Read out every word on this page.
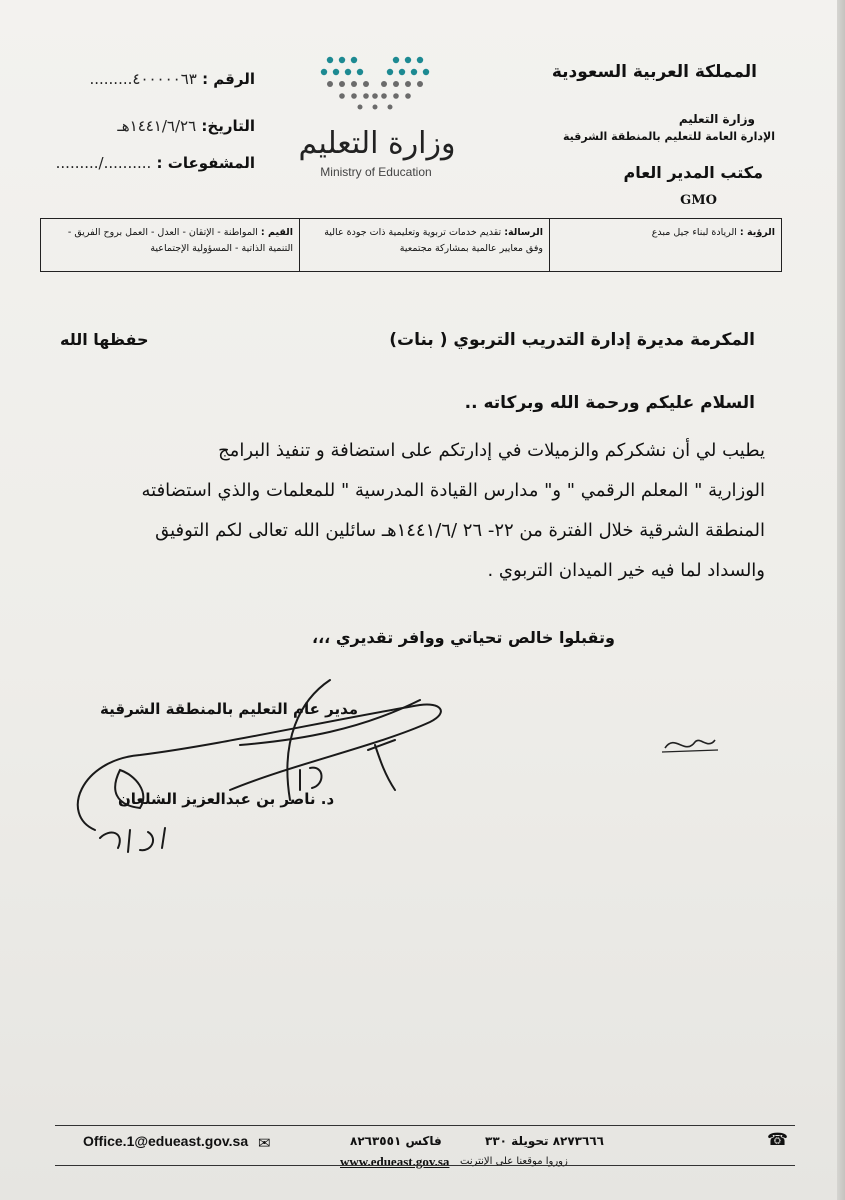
المملكة العربية السعودية
وزارة التعليم
الإدارة العامة للتعليم بالمنطقة الشرقية
مكتب المدير العام
GMO
وزارة التعليم
Ministry of Education
الرقم : ٤٠٠٠٠٠٦٣.........
التاريخ: ١٤٤١/٦/٢٦هـ
المشفوعات : ........../.........
الرؤية : الريادة لبناء جيل مبدع
الرسالة: تقديم خدمات تربوية وتعليمية ذات جودة عالية وفق معايير عالمية بمشاركة مجتمعية
القيم : المواطنة - الإتقان - العدل - العمل بروح الفريق - التنمية الذاتية - المسؤولية الإجتماعية
المكرمة مديرة إدارة التدريب التربوي ( بنات)
حفظها الله
السلام عليكم ورحمة الله وبركاته ..
يطيب لي أن نشكركم والزميلات في إدارتكم على استضافة و تنفيذ البرامج
الوزارية " المعلم الرقمي " و" مدارس القيادة المدرسية " للمعلمات والذي استضافته
المنطقة الشرقية خلال الفترة من ٢٢- ٢٦ /١٤٤١/٦هـ سائلين الله تعالى لكم التوفيق
والسداد لما فيه خير الميدان التربوي .
وتقبلوا خالص تحياتي ووافر تقديري ،،،
مدير عام التعليم بالمنطقة الشرقية
د. ناصر بن عبدالعزيز الشلعان
Office.1@edueast.gov.sa ✉	فاكس ٨٢٦٣٥٥١	٨٢٧٣٦٦٦ تحويلة ٣٣٠	☎
www.edueast.gov.sa زوروا موقعنا على الإنترنت
